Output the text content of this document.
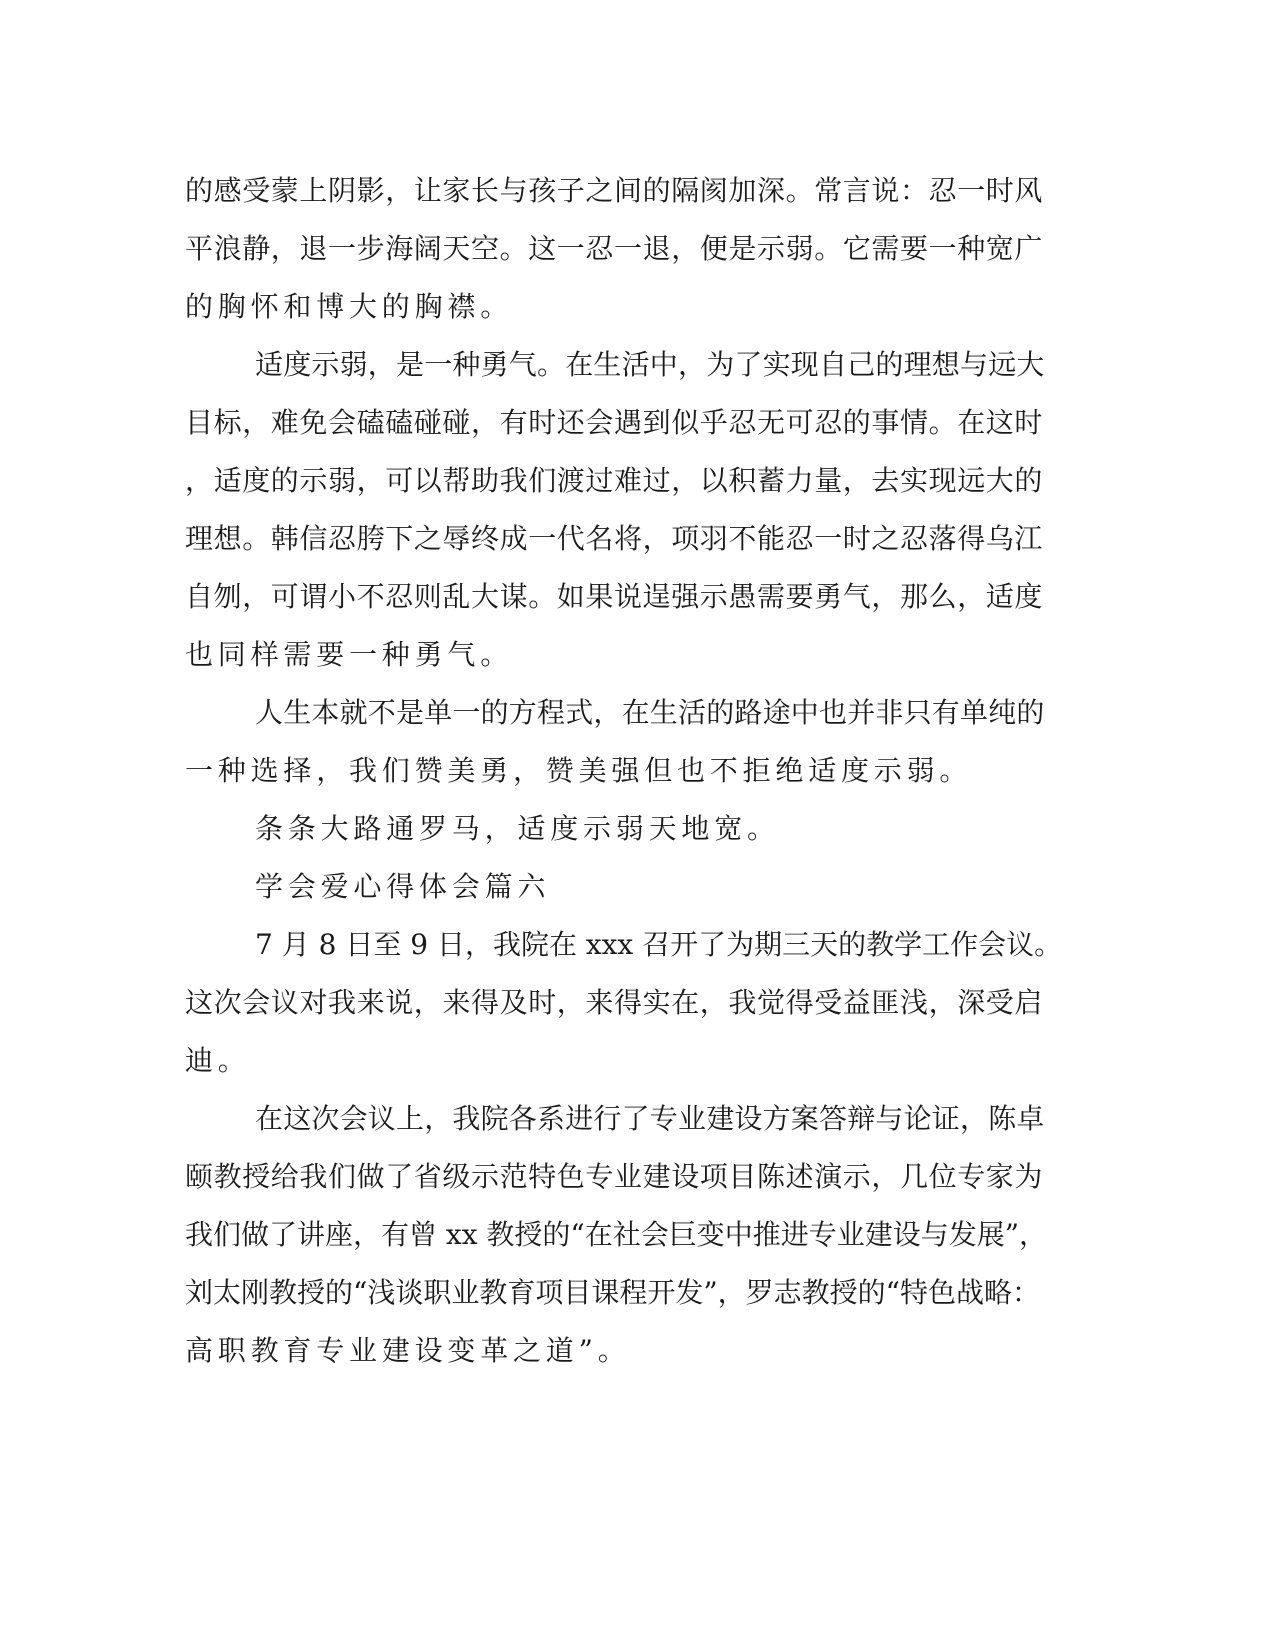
的感受蒙上阴影，让家长与孩子之间的隔阂加深。常言说：忍一时风
平浪静，退一步海阔天空。这一忍一退，便是示弱。它需要一种宽广
的胸怀和博大的胸襟。
适度示弱，是一种勇气。在生活中，为了实现自己的理想与远大
目标，难免会磕磕碰碰，有时还会遇到似乎忍无可忍的事情。在这时
，适度的示弱，可以帮助我们渡过难过，以积蓄力量，去实现远大的
理想。韩信忍胯下之辱终成一代名将，项羽不能忍一时之忍落得乌江
自刎，可谓小不忍则乱大谋。如果说逞强示愚需要勇气，那么，适度
也同样需要一种勇气。
人生本就不是单一的方程式，在生活的路途中也并非只有单纯的
一种选择，我们赞美勇，赞美强但也不拒绝适度示弱。
条条大路通罗马，适度示弱天地宽。
学会爱心得体会篇六
7 月 8 日至 9 日，我院在 xxx 召开了为期三天的教学工作会议。
这次会议对我来说，来得及时，来得实在，我觉得受益匪浅，深受启
迪。
在这次会议上，我院各系进行了专业建设方案答辩与论证，陈卓
颐教授给我们做了省级示范特色专业建设项目陈述演示，几位专家为
我们做了讲座，有曾 xx 教授的“在社会巨变中推进专业建设与发展”，
刘太刚教授的“浅谈职业教育项目课程开发”，罗志教授的“特色战略：
高职教育专业建设变革之道”。
